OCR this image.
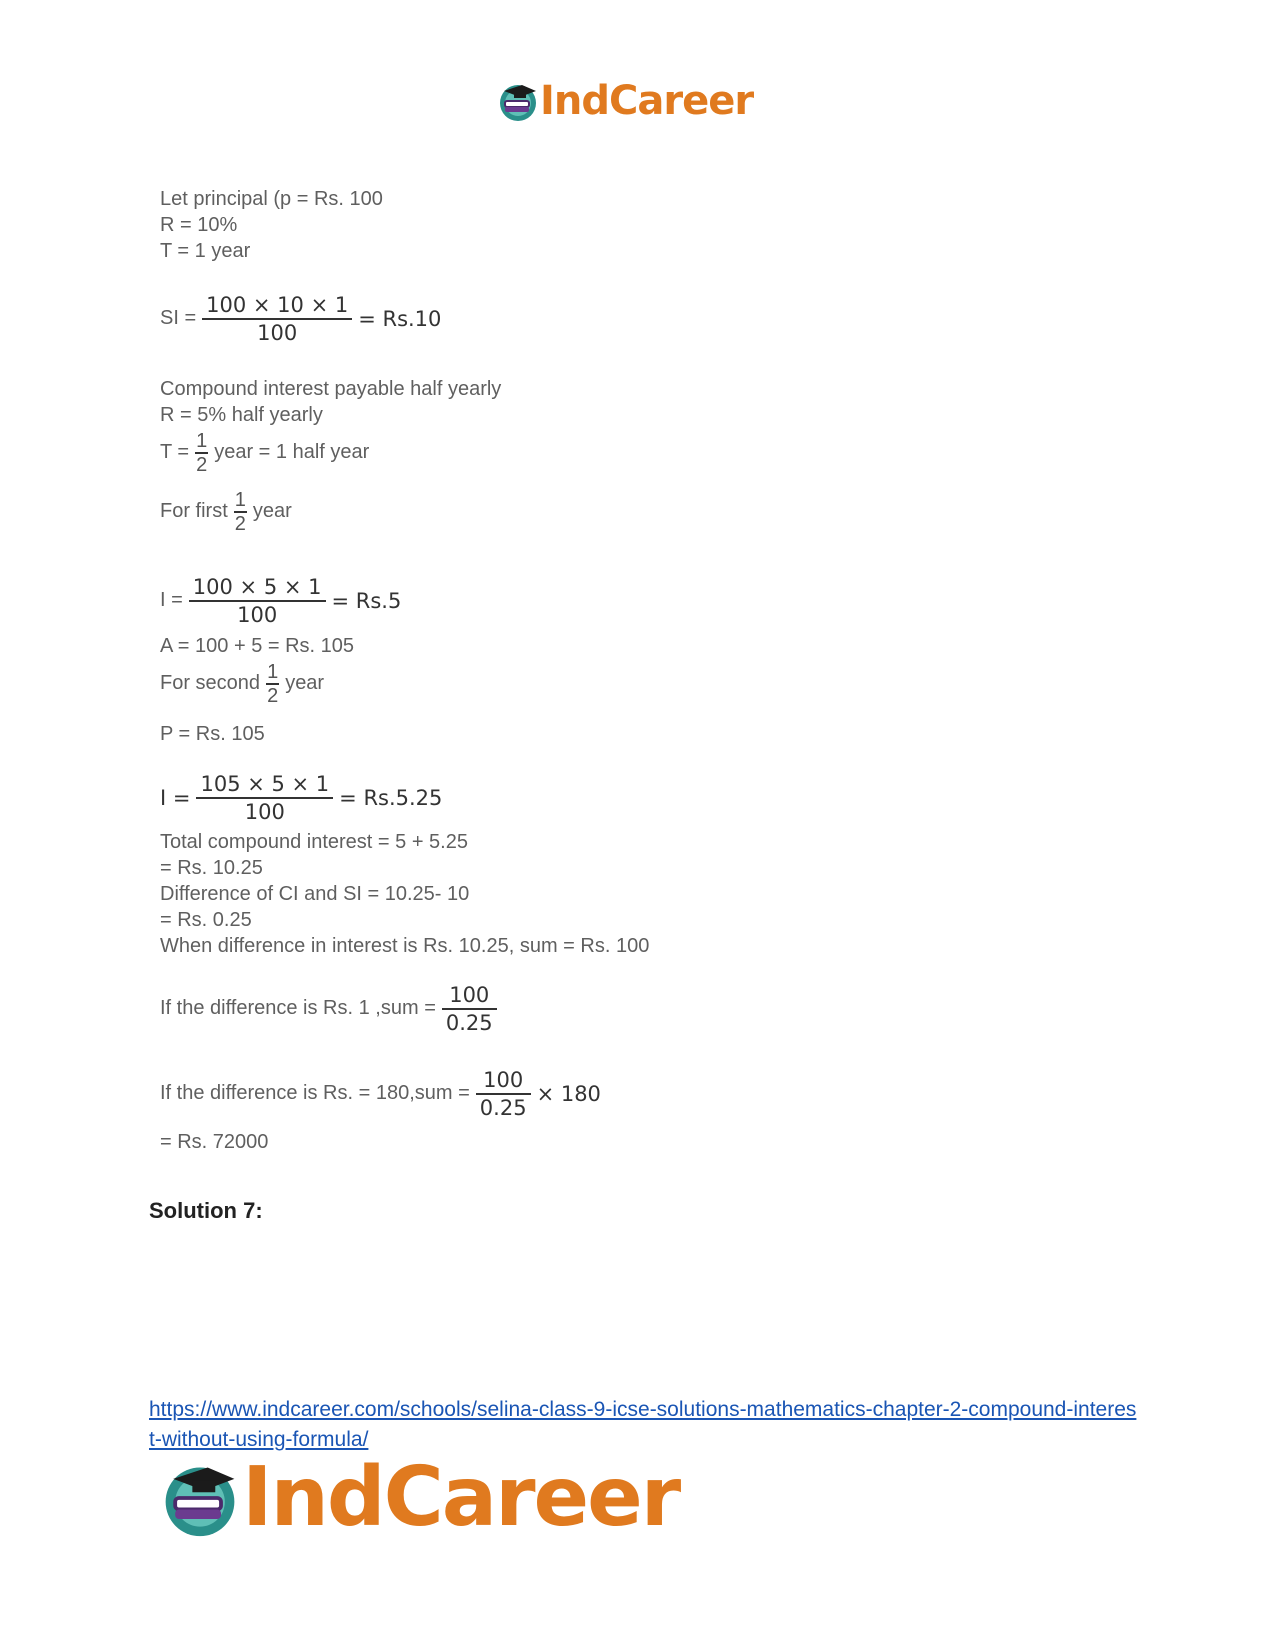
IndCareer
Let principal (p = Rs. 100
R = 10%
T = 1 year
SI = $\frac{100 \times 10 \times 1}{100} = Rs.10$
Compound interest payable half yearly
R = 5% half yearly
$T = \frac{1}{2}$ year = 1 half year
For first $\frac{1}{2}$ year
$I = \frac{100 \times 5 \times 1}{100} = Rs.5$
A = 100 + 5 = Rs. 105
For second $\frac{1}{2}$ year
P = Rs. 105
$I = \frac{105 \times 5 \times 1}{100} = Rs.5.25$
Total compound interest = 5 + 5.25
= Rs. 10.25
Difference of CI and SI = 10.25- 10
= Rs. 0.25
When difference in interest is Rs. 10.25, sum = Rs. 100
If the difference is Rs. 1 $,sum = \frac{100}{0.25}$
If the difference is Rs. = $180,sum = \frac{100}{0.25} \times 180$
= Rs. 72000
Solution 7:
https://www.indcareer.com/schools/selina-class-9-icse-solutions-mathematics-chapter-2-compound-interest-without-using-formula/
IndCareer
